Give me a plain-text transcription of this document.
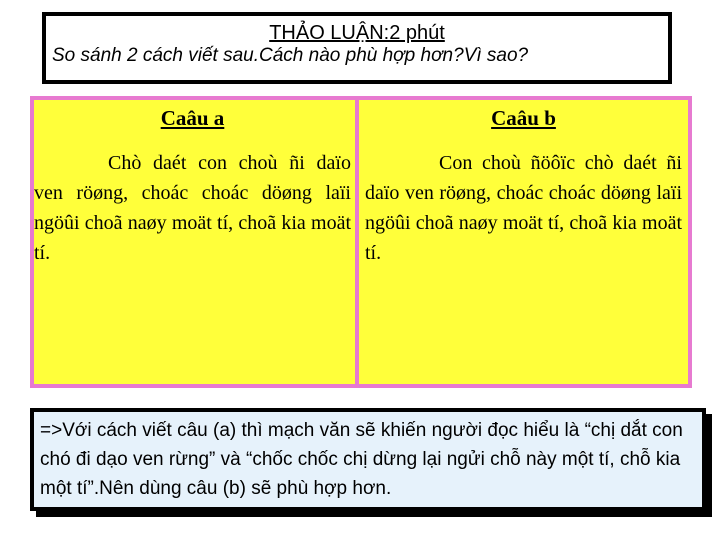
THẢO LUẬN:2 phút
So sánh 2 cách viết sau.Cách nào phù hợp hơn?Vì sao?
Caâu a
Chò daét con choù ñi daïo ven röøng, choác choác döøng laïi ngöûi choã naøy moät tí, choã kia moät tí.
Caâu b
Con choù ñöôïc chò daét ñi daïo ven röøng, choác choác döøng laïi ngöûi choã naøy moät tí, choã kia moät tí.
=>Với cách viết câu (a) thì mạch văn sẽ khiến người đọc hiểu là “chị dắt con chó đi dạo ven rừng” và “chốc chốc chị dừng lại ngửi chỗ này một tí, chỗ kia một tí”.Nên dùng câu (b) sẽ phù hợp hơn.
